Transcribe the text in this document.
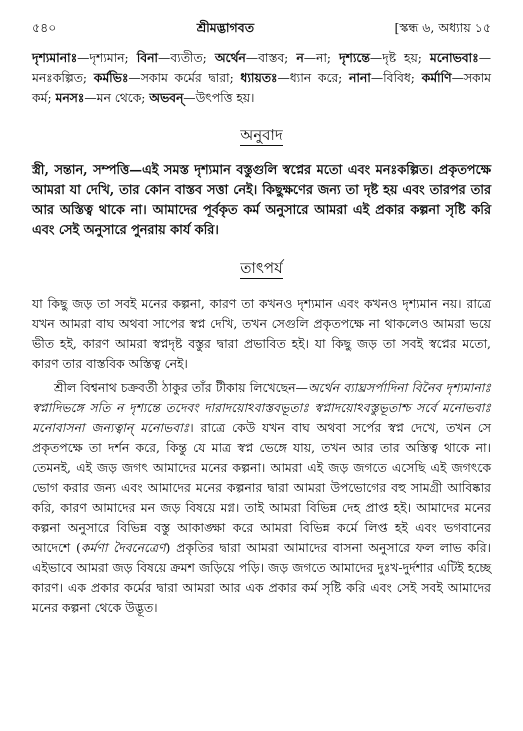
৫৪০	শ্রীমদ্ভাগবত	[স্কন্ধ ৬, অধ্যায় ১৫
দৃশ্যমানাঃ—দৃশ্যমান; বিনা—ব্যতীত; অর্থেন—বাস্তব; ন—না; দৃশ্যন্তে—দৃষ্ট হয়; মনোভবাঃ—মনঃকল্পিত; কর্মভিঃ—সকাম কর্মের দ্বারা; ধ্যায়তঃ—ধ্যান করে; নানা—বিবিধ; কর্মাণি—সকাম কর্ম; মনসঃ—মন থেকে; অভবন্—উৎপত্তি হয়।
অনুবাদ
স্ত্রী, সন্তান, সম্পত্তি—এই সমস্ত দৃশ্যমান বস্তুগুলি স্বপ্নের মতো এবং মনঃকল্পিত। প্রকৃতপক্ষে আমরা যা দেখি, তার কোন বাস্তব সত্তা নেই। কিছুক্ষণের জন্য তা দৃষ্ট হয় এবং তারপর তার আর অস্তিত্ব থাকে না। আমাদের পূর্বকৃত কর্ম অনুসারে আমরা এই প্রকার কল্পনা সৃষ্টি করি এবং সেই অনুসারে পুনরায় কার্য করি।
তাৎপর্য

যা কিছু জড় তা সবই মনের কল্পনা, কারণ তা কখনও দৃশ্যমান এবং কখনও দৃশ্যমান নয়। রাত্রে যখন আমরা বাঘ অথবা সাপের স্বপ্ন দেখি, তখন সেগুলি প্রকৃতপক্ষে না থাকলেও আমরা ভয়ে ভীত হই, কারণ আমরা স্বপ্নদৃষ্ট বস্তুর দ্বারা প্রভাবিত হই। যা কিছু জড় তা সবই স্বপ্নের মতো, কারণ তার বাস্তবিক অস্তিত্ব নেই।

শ্রীল বিশ্বনাথ চক্রবর্তী ঠাকুর তাঁর টীকায় লিখেছেন—অর্থেন ব্যাঘ্রসর্পাদিনা বিনৈব দৃশ্যমানাঃ স্বপ্নাদিভঙ্গে সতি ন দৃশ্যন্তে তদেবং দারাদয়োঽবাস্তবভূতাঃ স্বপ্নাদয়োঽবস্তুভূতাশ্চ সর্বে মনোভবাঃ মনোবাসনা জন্যত্বান্ মনোভবাঃ। রাত্রে কেউ যখন বাঘ অথবা সর্পের স্বপ্ন দেখে, তখন সে প্রকৃতপক্ষে তা দর্শন করে, কিন্তু যে মাত্র স্বপ্ন ভেঙ্গে যায়, তখন আর তার অস্তিত্ব থাকে না। তেমনই, এই জড় জগৎ আমাদের মনের কল্পনা। আমরা এই জড় জগতে এসেছি এই জগৎকে ভোগ করার জন্য এবং আমাদের মনের কল্পনার দ্বারা আমরা উপভোগের বহু সামগ্রী আবিষ্কার করি, কারণ আমাদের মন জড় বিষয়ে মগ্ন। তাই আমরা বিভিন্ন দেহ প্রাপ্ত হই। আমাদের মনের কল্পনা অনুসারে বিভিন্ন বস্তু আকাঙ্ক্ষা করে আমরা বিভিন্ন কর্মে লিপ্ত হই এবং ভগবানের আদেশে (কর্মণা দৈবনেত্রেণ) প্রকৃতির দ্বারা আমরা আমাদের বাসনা অনুসারে ফল লাভ করি। এইভাবে আমরা জড় বিষয়ে ক্রমশ জড়িয়ে পড়ি। জড় জগতে আমাদের দুঃখ-দুর্দশার এটিই হচ্ছে কারণ। এক প্রকার কর্মের দ্বারা আমরা আর এক প্রকার কর্ম সৃষ্টি করি এবং সেই সবই আমাদের মনের কল্পনা থেকে উদ্ভূত।
